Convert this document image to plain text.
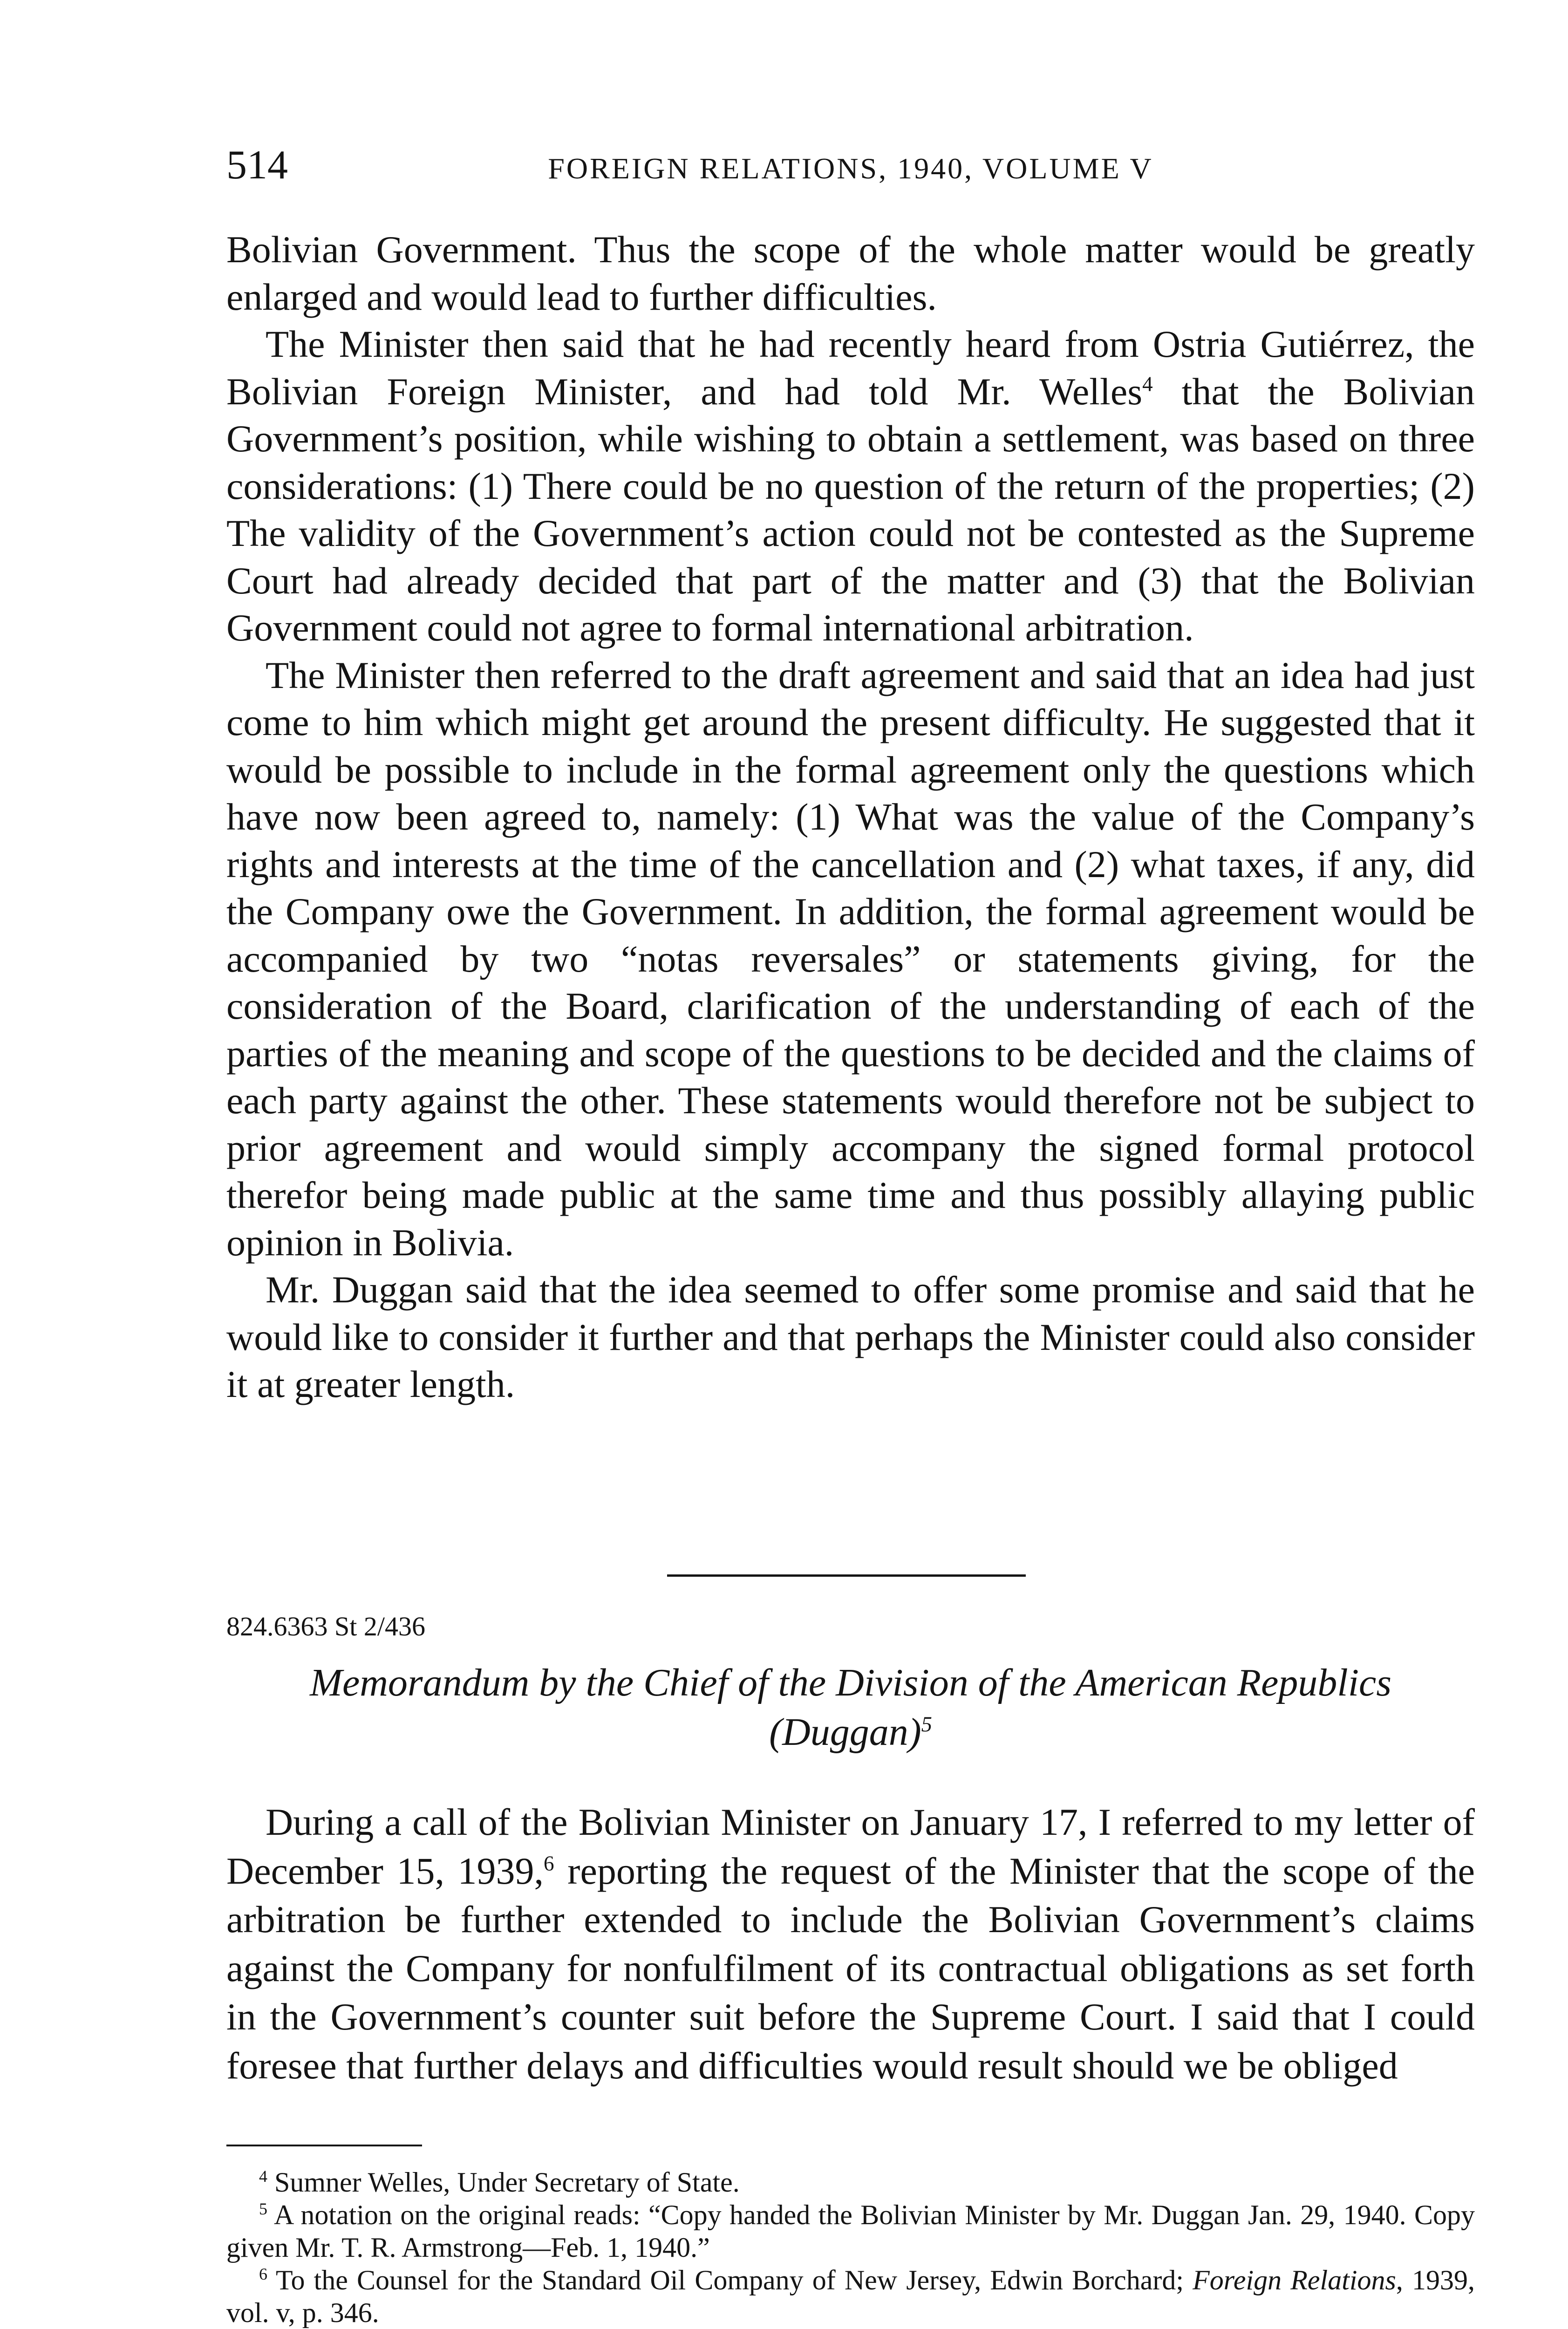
514	FOREIGN RELATIONS, 1940, VOLUME V

Bolivian Government. Thus the scope of the whole matter would be greatly enlarged and would lead to further difficulties.

The Minister then said that he had recently heard from Ostria Gutiérrez, the Bolivian Foreign Minister, and had told Mr. Welles$^4$ that the Bolivian Government’s position, while wishing to obtain a settlement, was based on three considerations: (1) There could be no question of the return of the properties; (2) The validity of the Government’s action could not be contested as the Supreme Court had already decided that part of the matter and (3) that the Bolivian Government could not agree to formal international arbitration.

The Minister then referred to the draft agreement and said that an idea had just come to him which might get around the present difficulty. He suggested that it would be possible to include in the formal agreement only the questions which have now been agreed to, namely: (1) What was the value of the Company’s rights and interests at the time of the cancellation and (2) what taxes, if any, did the Company owe the Government. In addition, the formal agreement would be accompanied by two “notas reversales” or statements giving, for the consideration of the Board, clarification of the understanding of each of the parties of the meaning and scope of the questions to be decided and the claims of each party against the other. These statements would therefore not be subject to prior agreement and would simply accompany the signed formal protocol therefor being made public at the same time and thus possibly allaying public opinion in Bolivia.

Mr. Duggan said that the idea seemed to offer some promise and said that he would like to consider it further and that perhaps the Minister could also consider it at greater length.

824.6363 St 2/436
Memorandum by the Chief of the Division of the American Republics
(Duggan)$^5$

During a call of the Bolivian Minister on January 17, I referred to my letter of December 15, 1939,$^6$ reporting the request of the Minister that the scope of the arbitration be further extended to include the Bolivian Government’s claims against the Company for nonfulfilment of its contractual obligations as set forth in the Government’s counter suit before the Supreme Court. I said that I could foresee that further delays and difficulties would result should we be obliged

$^4$ Sumner Welles, Under Secretary of State.

$^5$ A notation on the original reads: “Copy handed the Bolivian Minister by Mr. Duggan Jan. 29, 1940. Copy given Mr. T. R. Armstrong—Feb. 1, 1940.”

$^6$ To the Counsel for the Standard Oil Company of New Jersey, Edwin Borchard; Foreign Relations, 1939, vol. v, p. 346.
